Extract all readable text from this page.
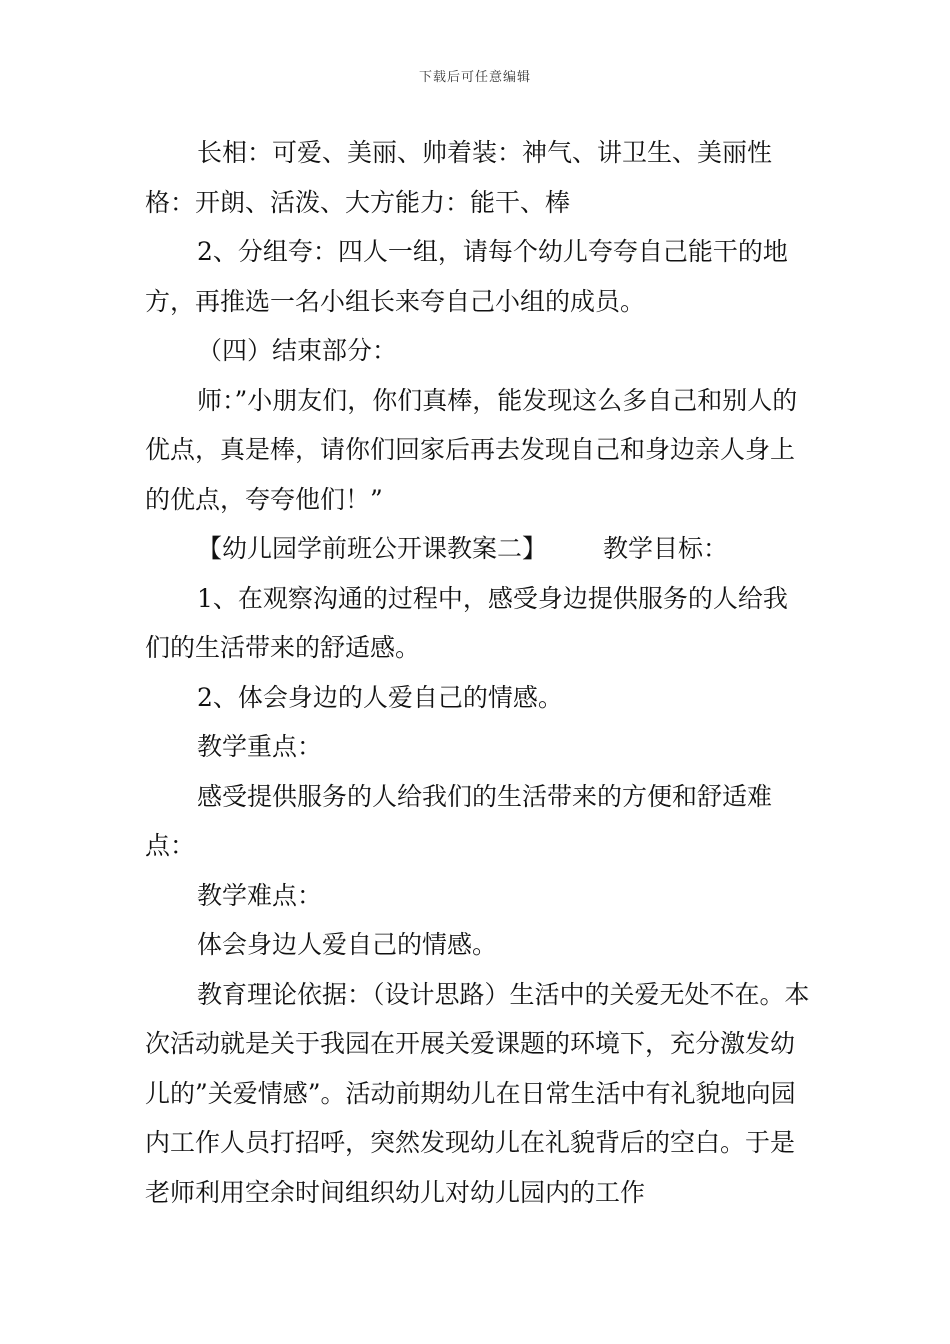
下载后可任意编辑

长相：可爱、美丽、帅着装：神气、讲卫生、美丽性格：开朗、活泼、大方能力：能干、棒

2、分组夸：四人一组，请每个幼儿夸夸自己能干的地方，再推选一名小组长来夸自己小组的成员。

（四）结束部分：

师：”小朋友们，你们真棒，能发现这么多自己和别人的优点，真是棒，请你们回家后再去发现自己和身边亲人身上的优点，夸夸他们！”

【幼儿园学前班公开课教案二】 教学目标：

1、在观察沟通的过程中，感受身边提供服务的人给我们的生活带来的舒适感。

2、体会身边的人爱自己的情感。

教学重点：

感受提供服务的人给我们的生活带来的方便和舒适难点：

教学难点：

体会身边人爱自己的情感。

教育理论依据：（设计思路）生活中的关爱无处不在。本次活动就是关于我园在开展关爱课题的环境下，充分激发幼儿的”关爱情感”。活动前期幼儿在日常生活中有礼貌地向园内工作人员打招呼，突然发现幼儿在礼貌背后的空白。于是老师利用空余时间组织幼儿对幼儿园内的工作
